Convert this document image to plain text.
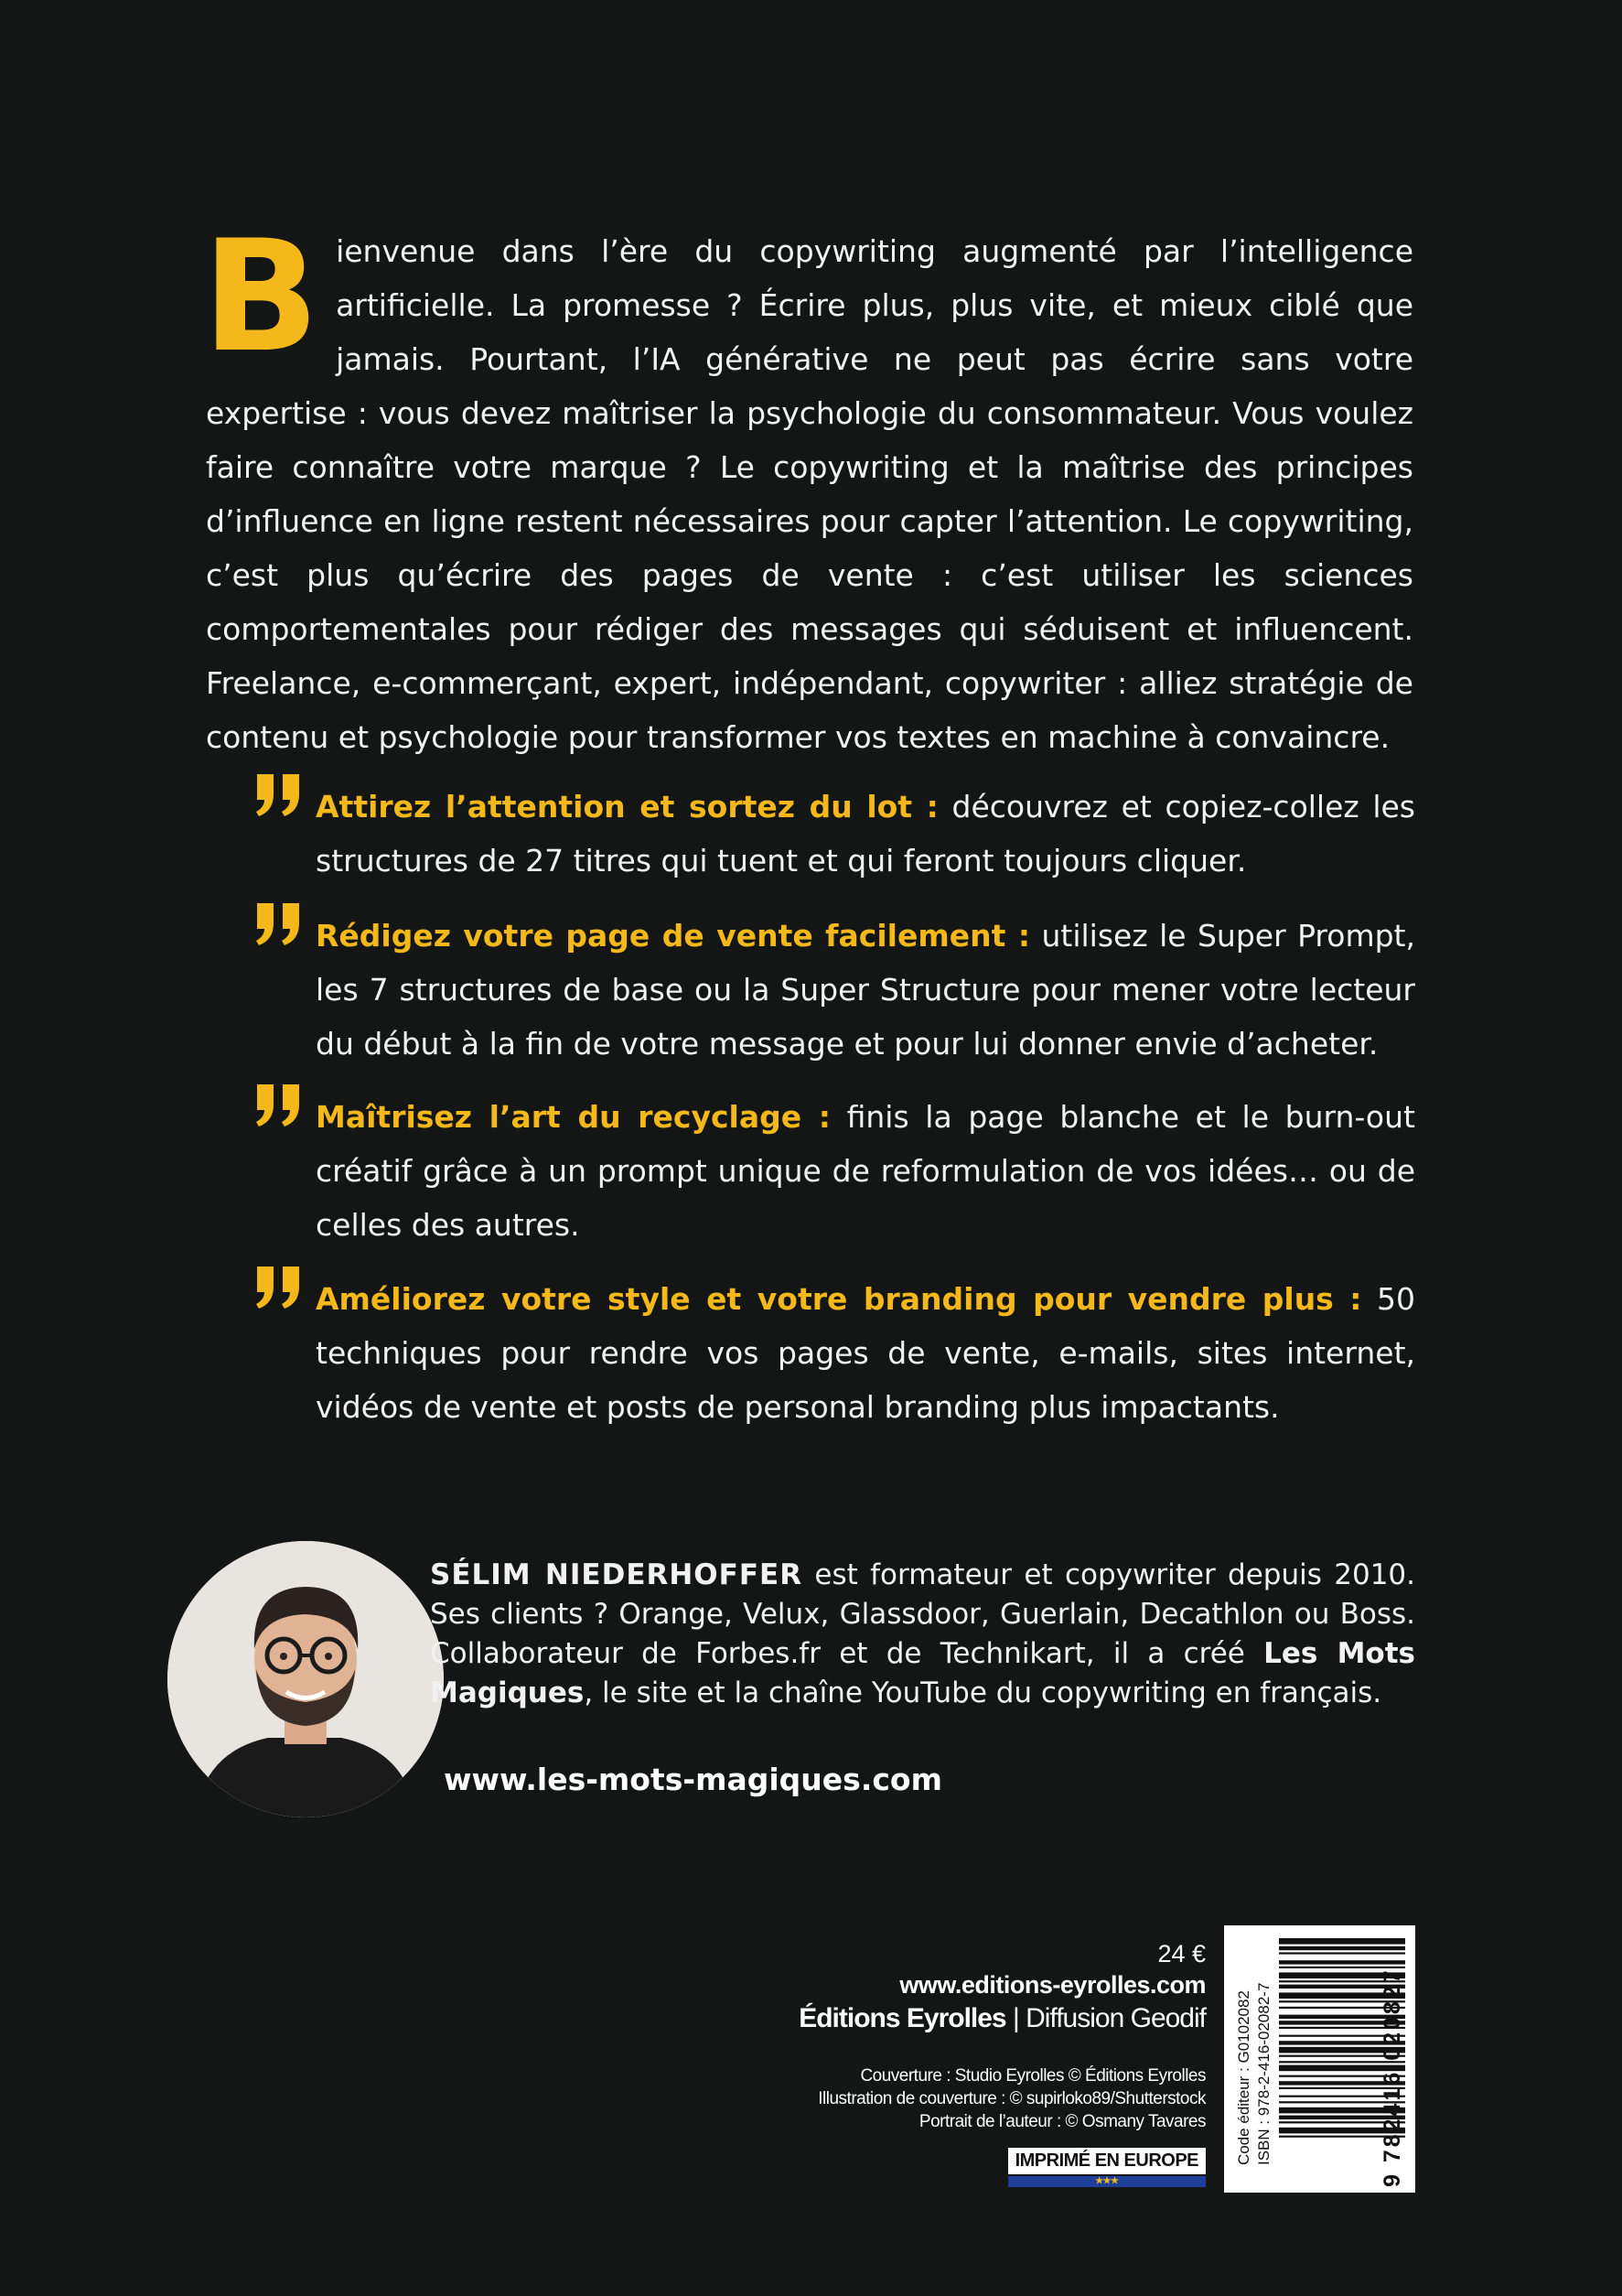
Bienvenue dans l’ère du copywriting augmenté par l’intelligence artificielle. La promesse ? Écrire plus, plus vite, et mieux ciblé que jamais. Pourtant, l’IA générative ne peut pas écrire sans votre expertise : vous devez maîtriser la psychologie du consommateur. Vous voulez faire connaître votre marque ? Le copywriting et la maîtrise des principes d’influence en ligne restent nécessaires pour capter l’attention. Le copywriting, c’est plus qu’écrire des pages de vente : c’est utiliser les sciences comportementales pour rédiger des messages qui séduisent et influencent. Freelance, e-commerçant, expert, indépendant, copywriter : alliez stratégie de contenu et psychologie pour transformer vos textes en machine à convaincre.

Attirez l’attention et sortez du lot : découvrez et copiez-collez les structures de 27 titres qui tuent et qui feront toujours cliquer.

Rédigez votre page de vente facilement : utilisez le Super Prompt, les 7 structures de base ou la Super Structure pour mener votre lecteur du début à la fin de votre message et pour lui donner envie d’acheter.

Maîtrisez l’art du recyclage : finis la page blanche et le burn-out créatif grâce à un prompt unique de reformulation de vos idées… ou de celles des autres.

Améliorez votre style et votre branding pour vendre plus : 50 techniques pour rendre vos pages de vente, e-mails, sites internet, vidéos de vente et posts de personal branding plus impactants.

SÉLIM NIEDERHOFFER est formateur et copywriter depuis 2010. Ses clients ? Orange, Velux, Glassdoor, Guerlain, Decathlon ou Boss. Collaborateur de Forbes.fr et de Technikart, il a créé Les Mots Magiques, le site et la chaîne YouTube du copywriting en français.

www.les-mots-magiques.com
24 €
www.editions-eyrolles.com
Éditions Eyrolles | Diffusion Geodif
Couverture : Studio Eyrolles © Éditions Eyrolles
Illustration de couverture : © supirloko89/Shutterstock
Portrait de l’auteur : © Osmany Tavares
IMPRIMÉ EN EUROPE
★★★
Code éditeur : G0102082 ISBN : 978-2-416-02082-7	9 782416 020827
